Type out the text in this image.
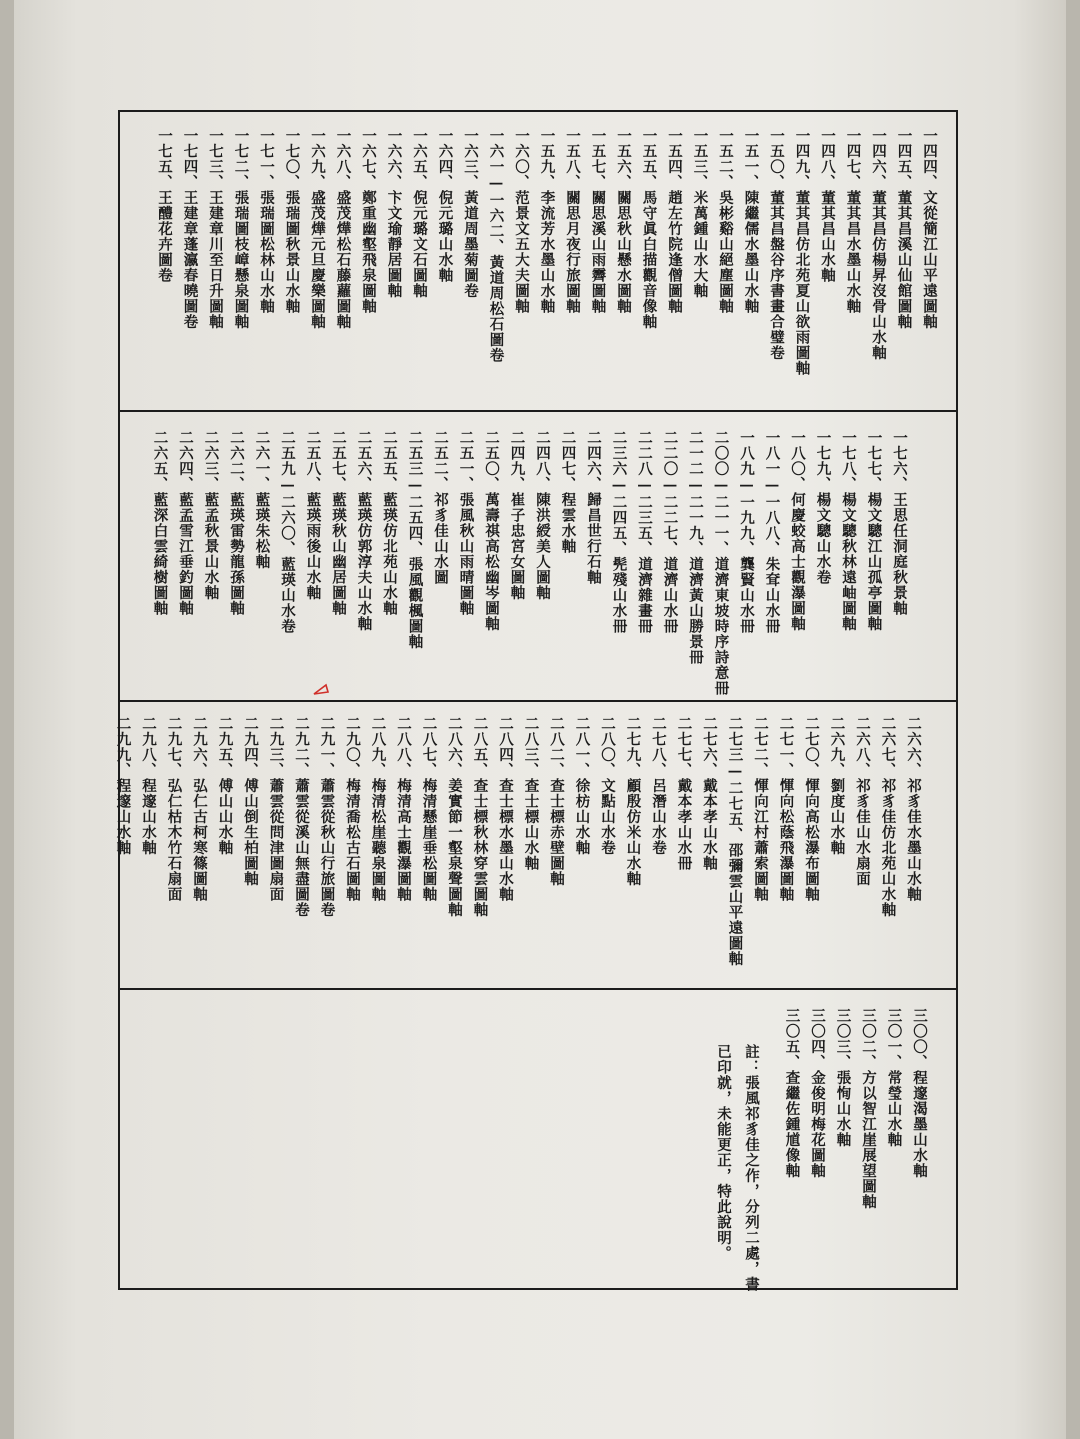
一四四、文從簡江山平遠圖軸
一四五、董其昌溪山仙館圖軸
一四六、董其昌仿楊昇沒骨山水軸
一四七、董其昌水墨山水軸
一四八、董其昌山水軸
一四九、董其昌仿北苑夏山欲雨圖軸
一五〇、董其昌盤谷序書畫合璧卷
一五一、陳繼儒水墨山水軸
一五二、吳彬谿山絕塵圖軸
一五三、米萬鍾山水大軸
一五四、趙左竹院逢僧圖軸
一五五、馬守眞白描觀音像軸
一五六、關思秋山懸水圖軸
一五七、關思溪山雨霽圖軸
一五八、關思月夜行旅圖軸
一五九、李流芳水墨山水軸
一六〇、范景文五大夫圖軸
一六一—一六二、黃道周松石圖卷
一六三、黃道周墨菊圖卷
一六四、倪元璐山水軸
一六五、倪元璐文石圖軸
一六六、卞文瑜靜居圖軸
一六七、鄭重幽壑飛泉圖軸
一六八、盛茂燁松石藤蘿圖軸
一六九、盛茂燁元旦慶樂圖軸
一七〇、張瑞圖秋景山水軸
一七一、張瑞圖松林山水軸
一七二、張瑞圖枝嶂懸泉圖軸
一七三、王建章川至日升圖軸
一七四、王建章蓬瀛春曉圖卷
一七五、王醴花卉圖卷
一七六、王思任洞庭秋景軸
一七七、楊文驄江山孤亭圖軸
一七八、楊文驄秋林遠岫圖軸
一七九、楊文驄山水卷
一八〇、何慶蛟高士觀瀑圖軸
一八一—一八八、朱耷山水冊
一八九—一九九、龔賢山水冊
二〇〇—二一一、道濟東坡時序詩意冊
二一二—二一九、道濟黃山勝景冊
二二〇—二二七、道濟山水冊
二二八—二三五、道濟雜畫冊
二三六—二四五、髡殘山水冊
二四六、歸昌世行石軸
二四七、程雲水軸
二四八、陳洪綬美人圖軸
二四九、崔子忠宮女圖軸
二五〇、萬壽祺高松幽岑圖軸
二五一、張風秋山雨晴圖軸
二五二、祁豸佳山水圖
二五三—二五四、張風觀楓圖軸
二五五、藍瑛仿北苑山水軸
二五六、藍瑛仿郭淳夫山水軸
二五七、藍瑛秋山幽居圖軸
二五八、藍瑛雨後山水軸
二五九—二六〇、藍瑛山水卷
二六一、藍瑛朱松軸
二六二、藍瑛雷勢龍孫圖軸
二六三、藍孟秋景山水軸
二六四、藍孟雪江垂釣圖軸
二六五、藍深白雲綺樹圖軸
二六六、祁豸佳水墨山水軸
二六七、祁豸佳仿北苑山水軸
二六八、祁豸佳山水扇面
二六九、劉度山水軸
二七〇、惲向高松瀑布圖軸
二七一、惲向松蔭飛瀑圖軸
二七二、惲向江村蕭索圖軸
二七三—二七五、邵彌雲山平遠圖軸
二七六、戴本孝山水軸
二七七、戴本孝山水冊
二七八、呂潛山水卷
二七九、顧殷仿米山水軸
二八〇、文點山水卷
二八一、徐枋山水軸
二八二、查士標赤壁圖軸
二八三、查士標山水軸
二八四、查士標水墨山水軸
二八五、查士標秋林穿雲圖軸
二八六、姜實節一壑泉聲圖軸
二八七、梅清懸崖垂松圖軸
二八八、梅清高士觀瀑圖軸
二八九、梅清松崖聽泉圖軸
二九〇、梅清喬松古石圖軸
二九一、蕭雲從秋山行旅圖卷
二九二、蕭雲從溪山無盡圖卷
二九三、蕭雲從問津圖扇面
二九四、傅山倒生柏圖軸
二九五、傅山山水軸
二九六、弘仁古柯寒篠圖軸
二九七、弘仁枯木竹石扇面
二九八、程邃山水軸
二九九、程邃山水軸
三〇〇、程邃渴墨山水軸
三〇一、常瑩山水軸
三〇二、方以智江崖展望圖軸
三〇三、張恂山水軸
三〇四、金俊明梅花圖軸
三〇五、查繼佐鍾馗像軸
註：張風祁豸佳之作，分列二處，書
已印就，未能更正，特此說明。
